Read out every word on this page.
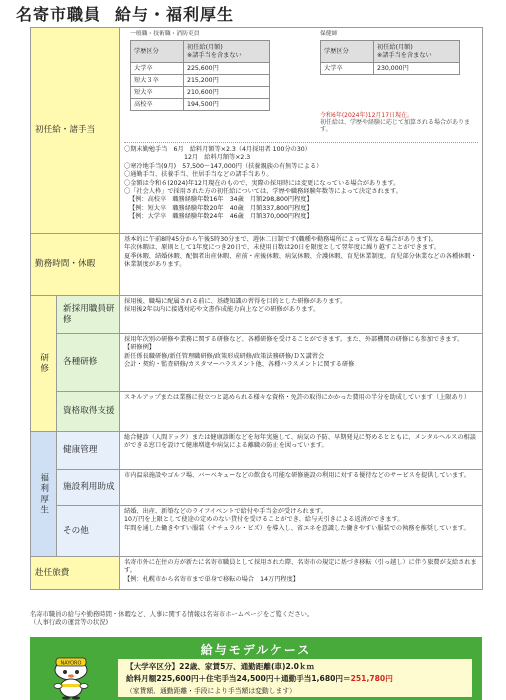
名寄市職員 給与・福利厚生
初任給・諸手当	
一般職・技術職・消防吏員
学歴区分	初任給(月額)
※諸手当を含まない
大学卒	225,600円
短大３卒	215,200円
短大卒	210,600円
高校卒	194,500円
保健師
学歴区分	初任給(月額)
※諸手当を含まない
大学卒	230,000円
令和6年(2024年)12月17日現在。
初任給は、学歴や経験に応じて加算される場合があります。
〇期末勤勉手当　6月　給料月額等×2.3（4月採用者 100分の30）
12月　給料月額等×2.3
〇寒冷地手当(9月)　57,500～147,000円（扶養親族の有無等による）
〇通勤手当、扶養手当、住居手当などの諸手当あり。
〇金額は令和６(2024)年12月現在のもので、実際の採用時には変更になっている場合があります。
〇「社会人枠」で採用された方の初任給については、学歴や職務経験年数等によって決定されます。
【例：高校卒　職務経験年数16年　34歳　月額298,800円程度】
【例：短大卒　職務経験年数20年　40歳　月額337,800円程度】
【例：大学卒　職務経験年数24年　46歳　月額370,000円程度】

勤務時間・休暇	
基本的に午前8時45分から午後5時30分まで、週休二日制です(職種や勤務場所によって異なる場合があります)。
年次休暇は、原則として1年度につき20日で、未使用日数は20日を限度として翌年度に繰り越すことができます。
夏季休暇、結婚休暇、配偶者出産休暇、産前・産後休暇、病気休暇、介護休暇、育児休業制度、育児部分休業などの各種休暇・休業制度があります。

研修	新採用職員研修	
採用後、職場に配属される前に、基礎知識の習得を目的とした研修があります。
採用後2年以内に接遇対応や文書作成能力向上などの研修があります。

各種研修	
採用年次別の研修や業務に関する研修など、各種研修を受けることができます。また、外部機関の研修にも参加できます。
【研修例】
新任係長職研修/新任管理職研修/政策形成研修/政策法務研修/ＤＸ講習会
会計・契約・監査研修/カスタマーハラスメント他、各種ハラスメントに関する研修

資格取得支援	
スキルアップまたは業務に役立つと認められる様々な資格・免許の取得にかかった費用の半分を助成しています（上限あり）

福利厚生	健康管理	
総合健診（人間ドック）または健康診断などを毎年実施して、病気の予防、早期発見に努めるとともに、メンタルヘルスの相談ができる窓口を設けて健康増進や病気による離職の防止を図っています。

施設利用助成	
市内温泉施設やゴルフ場、バーベキューなどの飲食も可能な研修施設の利用に対する優待などのサービスを提供しています。

その他	
結婚、出産、新築などのライフイベントで給付や手当金が受けられます。
10万円を上限として使途の定めのない貸付を受けることができ、給与天引きによる返済ができます。
年間を通した働きやすい服装（ナチュラル・ビズ）を導入し、省エネを意識した働きやすい服装での執務を推奨しています。

赴任旅費	
名寄市外に在住の方が新たに名寄市職員として採用された際、名寄市の規定に基づき移転（引っ越し）に伴う旅費が支給されます。
【例：札幌市から名寄市まで単身で移転の場合　14万円程度】
名寄市職員の給与や勤務時間・休暇など、人事に関する情報は名寄市ホームページをご覧ください。
（人事行政の運営等の状況)
給与モデルケース
NAYORO	【大学卒区分】22歳、家賃5万、通勤距離(車)2.0ｋｍ
給料月額225,600円＋住宅手当24,500円＋通勤手当1,680円＝251,780円
（家賃額、通勤距離・手段により手当額は変動します）
